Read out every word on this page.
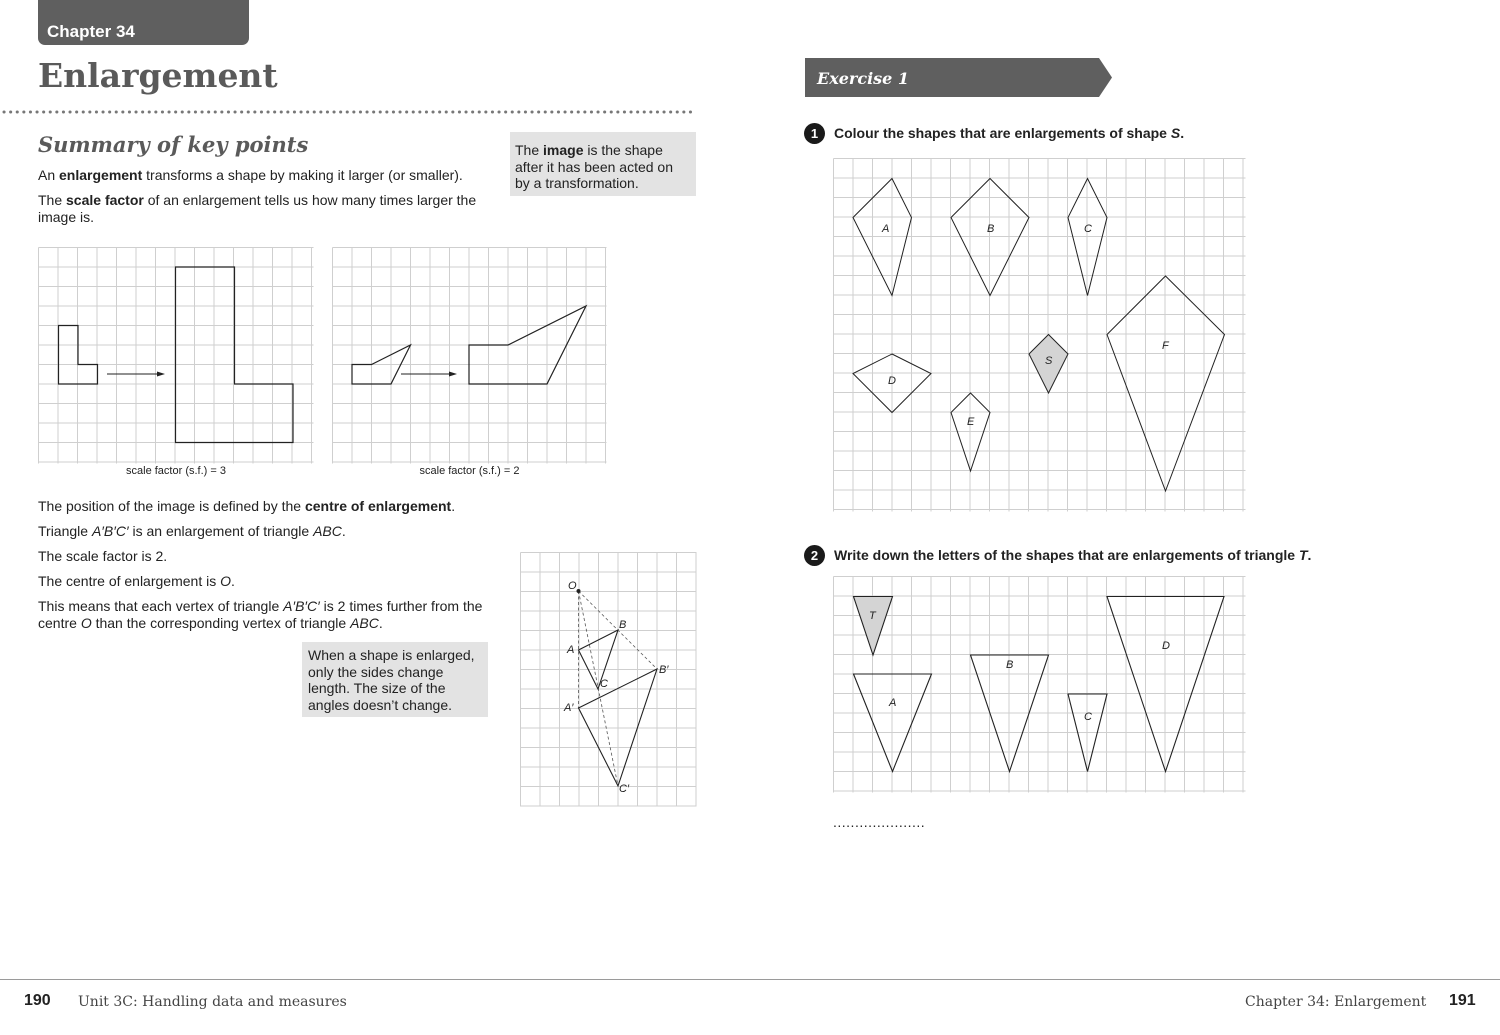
Chapter 34
Enlargement
Summary of key points
An enlargement transforms a shape by making it larger (or smaller).
The scale factor of an enlargement tells us how many times larger the
image is.
The image is the shape
after it has been acted on
by a transformation.
scale factor (s.f.) = 3	scale factor (s.f.) = 2
The position of the image is defined by the centre of enlargement.
Triangle A′B′C′ is an enlargement of triangle ABC.
The scale factor is 2.
The centre of enlargement is O.
This means that each vertex of triangle A′B′C′ is 2 times further from the
centre O than the corresponding vertex of triangle ABC.
When a shape is enlarged,
only the sides change
length. The size of the
angles doesn’t change.
O
A
B
C
A′
B′
C′
Exercise 1
1	Colour the shapes that are enlargements of shape S.
A	B	C
D
E
F
S
2	Write down the letters of the shapes that are enlargements of triangle T.
T
A
B
C
D
.....................
190 Unit 3C: Handling data and measures	Chapter 34: Enlargement 191
